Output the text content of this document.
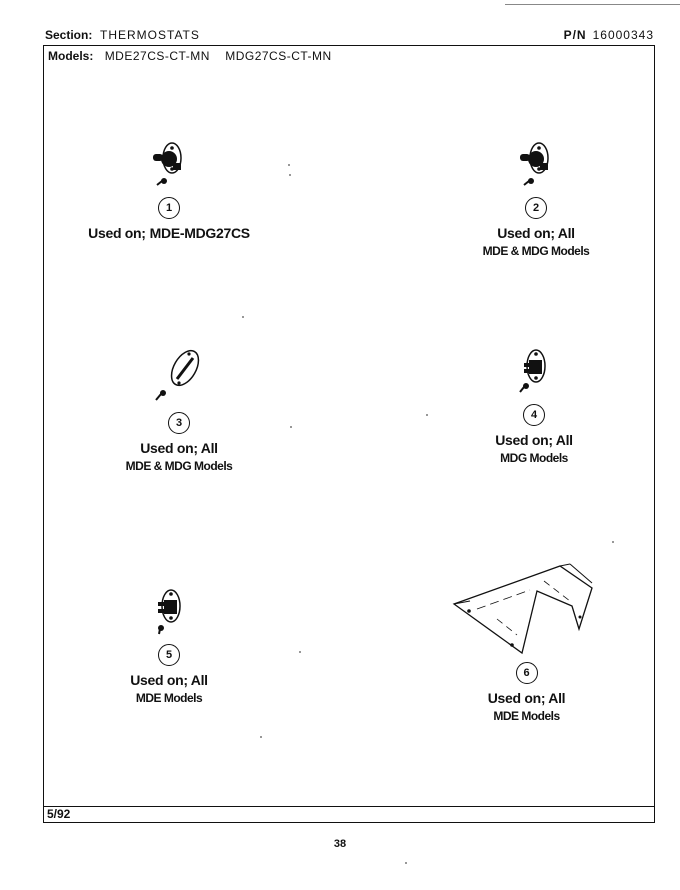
Section: THERMOSTATS	P/N 16000343
Models: MDE27CS-CT-MN MDG27CS-CT-MN
1
Used on; MDE-MDG27CS
2
Used on; All
MDE & MDG Models
3
Used on; All
MDE & MDG Models
4
Used on; All
MDG Models
5
Used on; All
MDE Models
6
Used on; All
MDE Models
5/92
38
